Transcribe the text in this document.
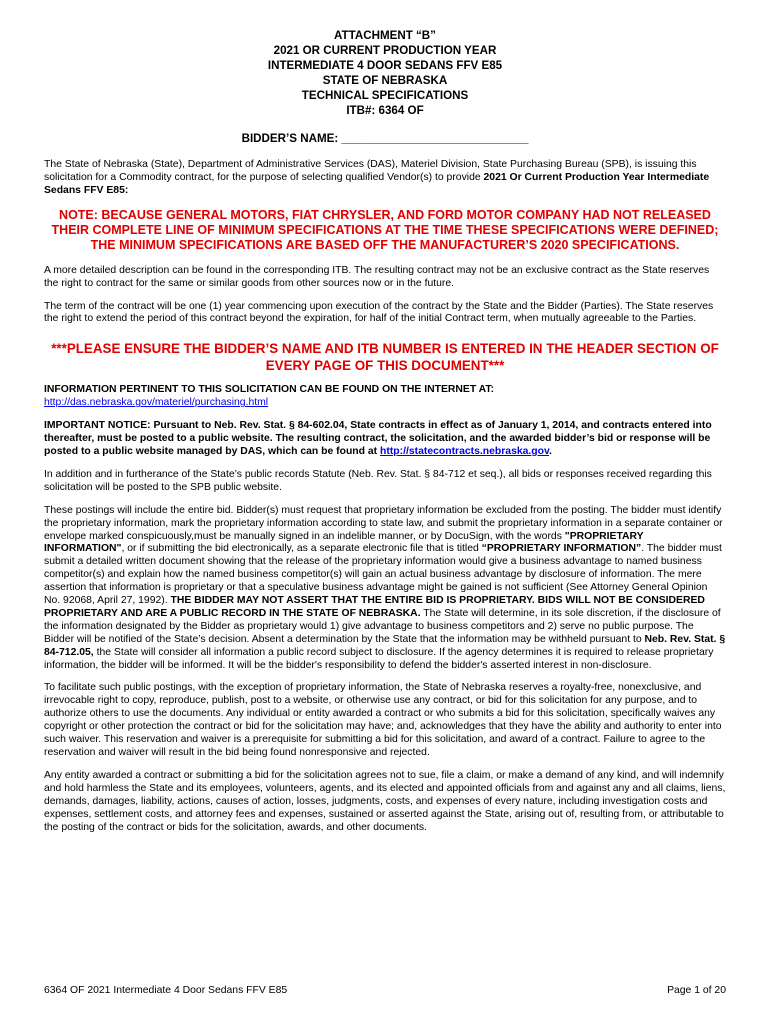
ATTACHMENT “B”
2021 OR CURRENT PRODUCTION YEAR
INTERMEDIATE 4 DOOR SEDANS FFV E85
STATE OF NEBRASKA
TECHNICAL SPECIFICATIONS
ITB#: 6364 OF
BIDDER’S NAME: _____________________________

The State of Nebraska (State), Department of Administrative Services (DAS), Materiel Division, State Purchasing Bureau (SPB), is issuing this solicitation for a Commodity contract, for the purpose of selecting qualified Vendor(s) to provide 2021 Or Current Production Year Intermediate Sedans FFV E85:

NOTE: BECAUSE GENERAL MOTORS, FIAT CHRYSLER, AND FORD MOTOR COMPANY HAD NOT RELEASED THEIR COMPLETE LINE OF MINIMUM SPECIFICATIONS AT THE TIME THESE SPECIFICATIONS WERE DEFINED; THE MINIMUM SPECIFICATIONS ARE BASED OFF THE MANUFACTURER’S 2020 SPECIFICATIONS.

A more detailed description can be found in the corresponding ITB. The resulting contract may not be an exclusive contract as the State reserves the right to contract for the same or similar goods from other sources now or in the future.

The term of the contract will be one (1) year commencing upon execution of the contract by the State and the Bidder (Parties). The State reserves the right to extend the period of this contract beyond the expiration, for half of the initial Contract term, when mutually agreeable to the Parties.

***PLEASE ENSURE THE BIDDER’S NAME AND ITB NUMBER IS ENTERED IN THE HEADER SECTION OF EVERY PAGE OF THIS DOCUMENT***

INFORMATION PERTINENT TO THIS SOLICITATION CAN BE FOUND ON THE INTERNET AT:
http://das.nebraska.gov/materiel/purchasing.html

IMPORTANT NOTICE: Pursuant to Neb. Rev. Stat. § 84-602.04, State contracts in effect as of January 1, 2014, and contracts entered into thereafter, must be posted to a public website. The resulting contract, the solicitation, and the awarded bidder’s bid or response will be posted to a public website managed by DAS, which can be found at http://statecontracts.nebraska.gov.

In addition and in furtherance of the State’s public records Statute (Neb. Rev. Stat. § 84-712 et seq.), all bids or responses received regarding this solicitation will be posted to the SPB public website.

These postings will include the entire bid. Bidder(s) must request that proprietary information be excluded from the posting. The bidder must identify the proprietary information, mark the proprietary information according to state law, and submit the proprietary information in a separate container or envelope marked conspicuously,must be manually signed in an indelible manner, or by DocuSign, with the words "PROPRIETARY INFORMATION", or if submitting the bid electronically, as a separate electronic file that is titled “PROPRIETARY INFORMATION”. The bidder must submit a detailed written document showing that the release of the proprietary information would give a business advantage to named business competitor(s) and explain how the named business competitor(s) will gain an actual business advantage by disclosure of information. The mere assertion that information is proprietary or that a speculative business advantage might be gained is not sufficient (See Attorney General Opinion No. 92068, April 27, 1992). THE BIDDER MAY NOT ASSERT THAT THE ENTIRE BID IS PROPRIETARY. BIDS WILL NOT BE CONSIDERED PROPRIETARY AND ARE A PUBLIC RECORD IN THE STATE OF NEBRASKA. The State will determine, in its sole discretion, if the disclosure of the information designated by the Bidder as proprietary would 1) give advantage to business competitors and 2) serve no public purpose. The Bidder will be notified of the State’s decision. Absent a determination by the State that the information may be withheld pursuant to Neb. Rev. Stat. § 84-712.05, the State will consider all information a public record subject to disclosure. If the agency determines it is required to release proprietary information, the bidder will be informed. It will be the bidder's responsibility to defend the bidder's asserted interest in non-disclosure.

To facilitate such public postings, with the exception of proprietary information, the State of Nebraska reserves a royalty-free, nonexclusive, and irrevocable right to copy, reproduce, publish, post to a website, or otherwise use any contract, or bid for this solicitation for any purpose, and to authorize others to use the documents. Any individual or entity awarded a contract or who submits a bid for this solicitation, specifically waives any copyright or other protection the contract or bid for the solicitation may have; and, acknowledges that they have the ability and authority to enter into such waiver. This reservation and waiver is a prerequisite for submitting a bid for this solicitation, and award of a contract. Failure to agree to the reservation and waiver will result in the bid being found nonresponsive and rejected.

Any entity awarded a contract or submitting a bid for the solicitation agrees not to sue, file a claim, or make a demand of any kind, and will indemnify and hold harmless the State and its employees, volunteers, agents, and its elected and appointed officials from and against any and all claims, liens, demands, damages, liability, actions, causes of action, losses, judgments, costs, and expenses of every nature, including investigation costs and expenses, settlement costs, and attorney fees and expenses, sustained or asserted against the State, arising out of, resulting from, or attributable to the posting of the contract or bids for the solicitation, awards, and other documents.

6364 OF 2021 Intermediate 4 Door Sedans FFV E85	Page 1 of 20
